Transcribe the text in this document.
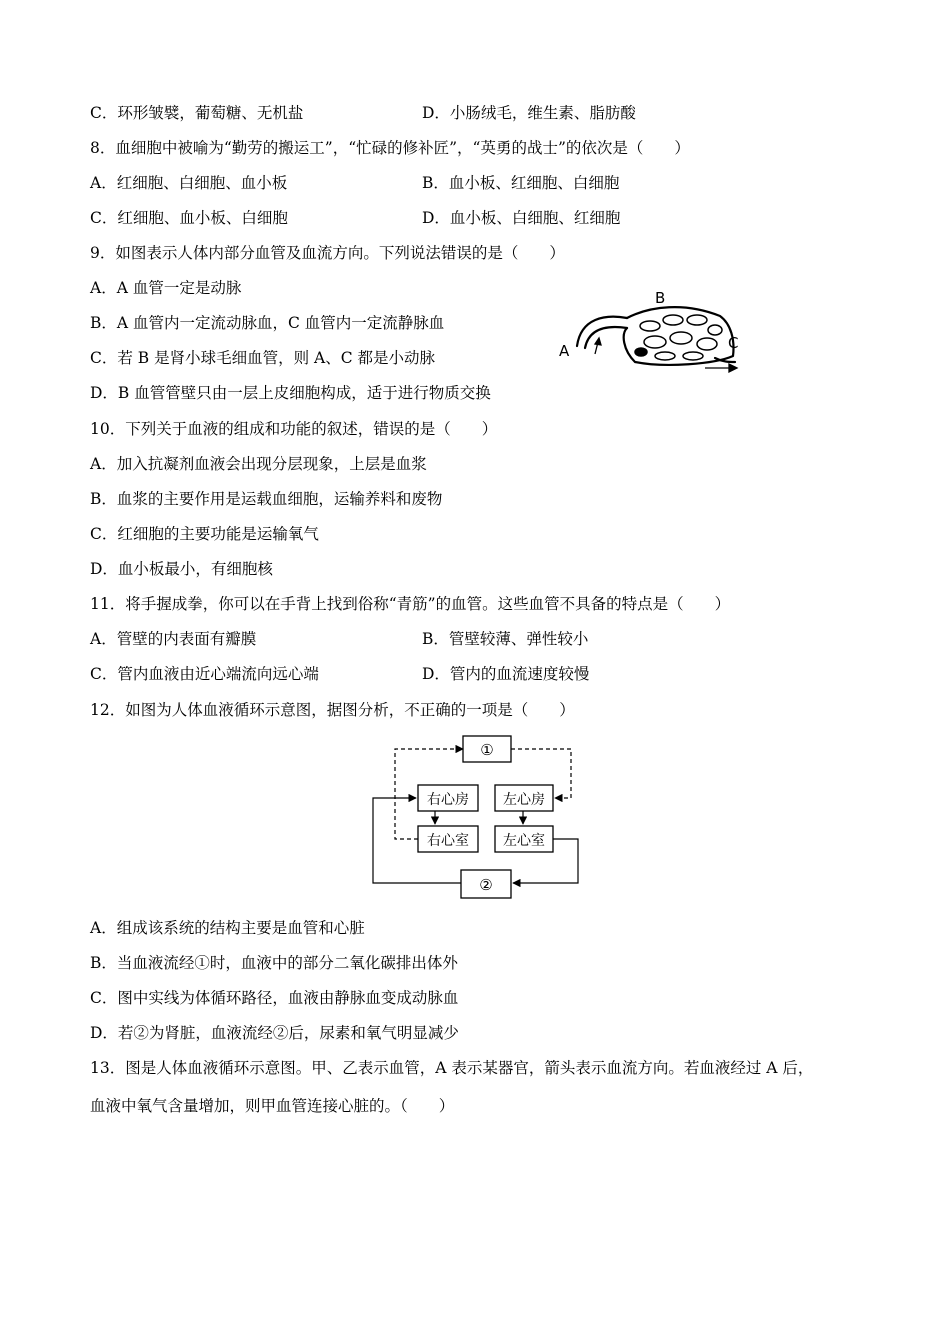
C．环形皱襞，葡萄糖、无机盐	D．小肠绒毛，维生素、脂肪酸
8．血细胞中被喻为“勤劳的搬运工”，“忙碌的修补匠”，“英勇的战士”的依次是（　　）
A．红细胞、白细胞、血小板	B．血小板、红细胞、白细胞
C．红细胞、血小板、白细胞	D．血小板、白细胞、红细胞
9．如图表示人体内部分血管及血流方向。下列说法错误的是（　　）
A．A 血管一定是动脉
B．A 血管内一定流动脉血，C 血管内一定流静脉血
C．若 B 是肾小球毛细血管，则 A、C 都是小动脉
D．B 血管管壁只由一层上皮细胞构成，适于进行物质交换
A
B
C
10．下列关于血液的组成和功能的叙述，错误的是（　　）
A．加入抗凝剂血液会出现分层现象，上层是血浆
B．血浆的主要作用是运载血细胞，运输养料和废物
C．红细胞的主要功能是运输氧气
D．血小板最小，有细胞核
11．将手握成拳，你可以在手背上找到俗称“青筋”的血管。这些血管不具备的特点是（　　）
A．管壁的内表面有瓣膜	B．管壁较薄、弹性较小
C．管内血液由近心端流向远心端	D．管内的血流速度较慢
12．如图为人体血液循环示意图，据图分析，不正确的一项是（　　）
①
右心房 左心房
右心室 左心室
②
A．组成该系统的结构主要是血管和心脏
B．当血液流经①时，血液中的部分二氧化碳排出体外
C．图中实线为体循环路径，血液由静脉血变成动脉血
D．若②为肾脏，血液流经②后，尿素和氧气明显减少
13．图是人体血液循环示意图。甲、乙表示血管，A 表示某器官，箭头表示血流方向。若血液经过 A 后，
血液中氧气含量增加，则甲血管连接心脏的。（　　）
